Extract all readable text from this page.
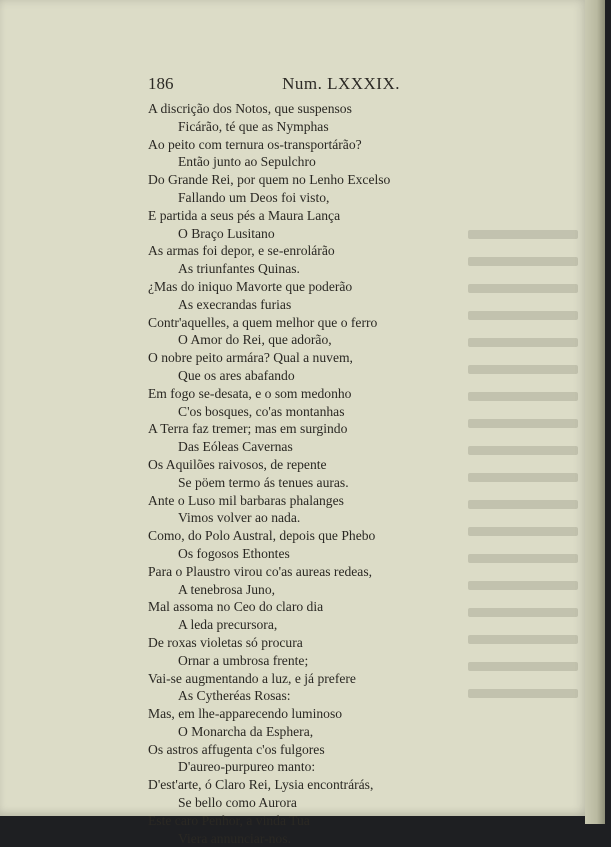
186	Num. LXXXIX.
A discrição dos Notos, que suspensos
Ficárão, té que as Nymphas
Ao peito com ternura os-transportárão?
Então junto ao Sepulchro
Do Grande Rei, por quem no Lenho Excelso
Fallando um Deos foi visto,
E partida a seus pés a Maura Lança
O Braço Lusitano
As armas foi depor, e se-enrolárão
As triunfantes Quinas.
¿Mas do iniquo Mavorte que poderão
As execrandas furias
Contr'aquelles, a quem melhor que o ferro
O Amor do Rei, que adorão,
O nobre peito armára? Qual a nuvem,
Que os ares abafando
Em fogo se-desata, e o som medonho
C'os bosques, co'as montanhas
A Terra faz tremer; mas em surgindo
Das Eóleas Cavernas
Os Aquilões raivosos, de repente
Se pöem termo ás tenues auras.
Ante o Luso mil barbaras phalanges
Vimos volver ao nada.
Como, do Polo Austral, depois que Phebo
Os fogosos Ethontes
Para o Plaustro virou co'as aureas redeas,
A tenebrosa Juno,
Mal assoma no Ceo do claro dia
A leda precursora,
De roxas violetas só procura
Ornar a umbrosa frente;
Vai-se augmentando a luz, e já prefere
As Cytheréas Rosas:
Mas, em lhe-apparecendo luminoso
O Monarcha da Esphera,
Os astros affugenta c'os fulgores
D'aureo-purpureo manto:
D'est'arte, ó Claro Rei, Lysia encontrárás,
Se bello como Aurora
Este caro Penhor, a vinda Tua
Viera annunciar-nos.
